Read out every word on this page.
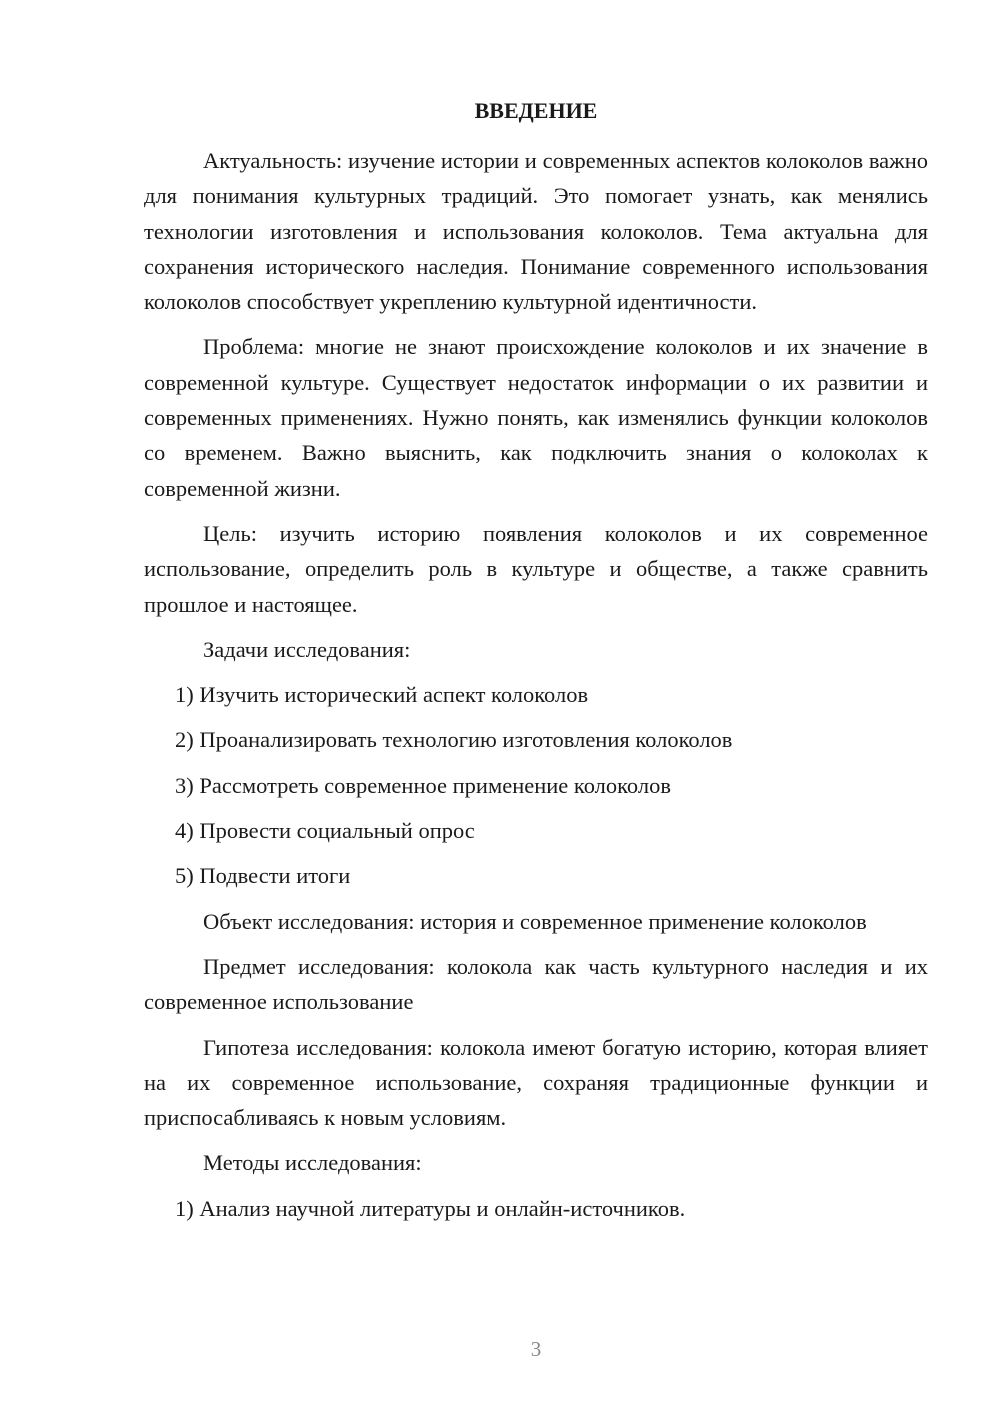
ВВЕДЕНИЕ

Актуальность: изучение истории и современных аспектов колоколов важно для понимания культурных традиций. Это помогает узнать, как менялись технологии изготовления и использования колоколов. Тема актуальна для сохранения исторического наследия. Понимание современного использования колоколов способствует укреплению культурной идентичности.

Проблема: многие не знают происхождение колоколов и их значение в современной культуре. Существует недостаток информации о их развитии и современных применениях. Нужно понять, как изменялись функции колоколов со временем. Важно выяснить, как подключить знания о колоколах к современной жизни.

Цель: изучить историю появления колоколов и их современное использование, определить роль в культуре и обществе, а также сравнить прошлое и настоящее.

Задачи исследования:

1) Изучить исторический аспект колоколов

2) Проанализировать технологию изготовления колоколов

3) Рассмотреть современное применение колоколов

4) Провести социальный опрос

5) Подвести итоги

Объект исследования: история и современное применение колоколов

Предмет исследования: колокола как часть культурного наследия и их современное использование

Гипотеза исследования: колокола имеют богатую историю, которая влияет на их современное использование, сохраняя традиционные функции и приспосабливаясь к новым условиям.

Методы исследования:

1) Анализ научной литературы и онлайн-источников.

3
